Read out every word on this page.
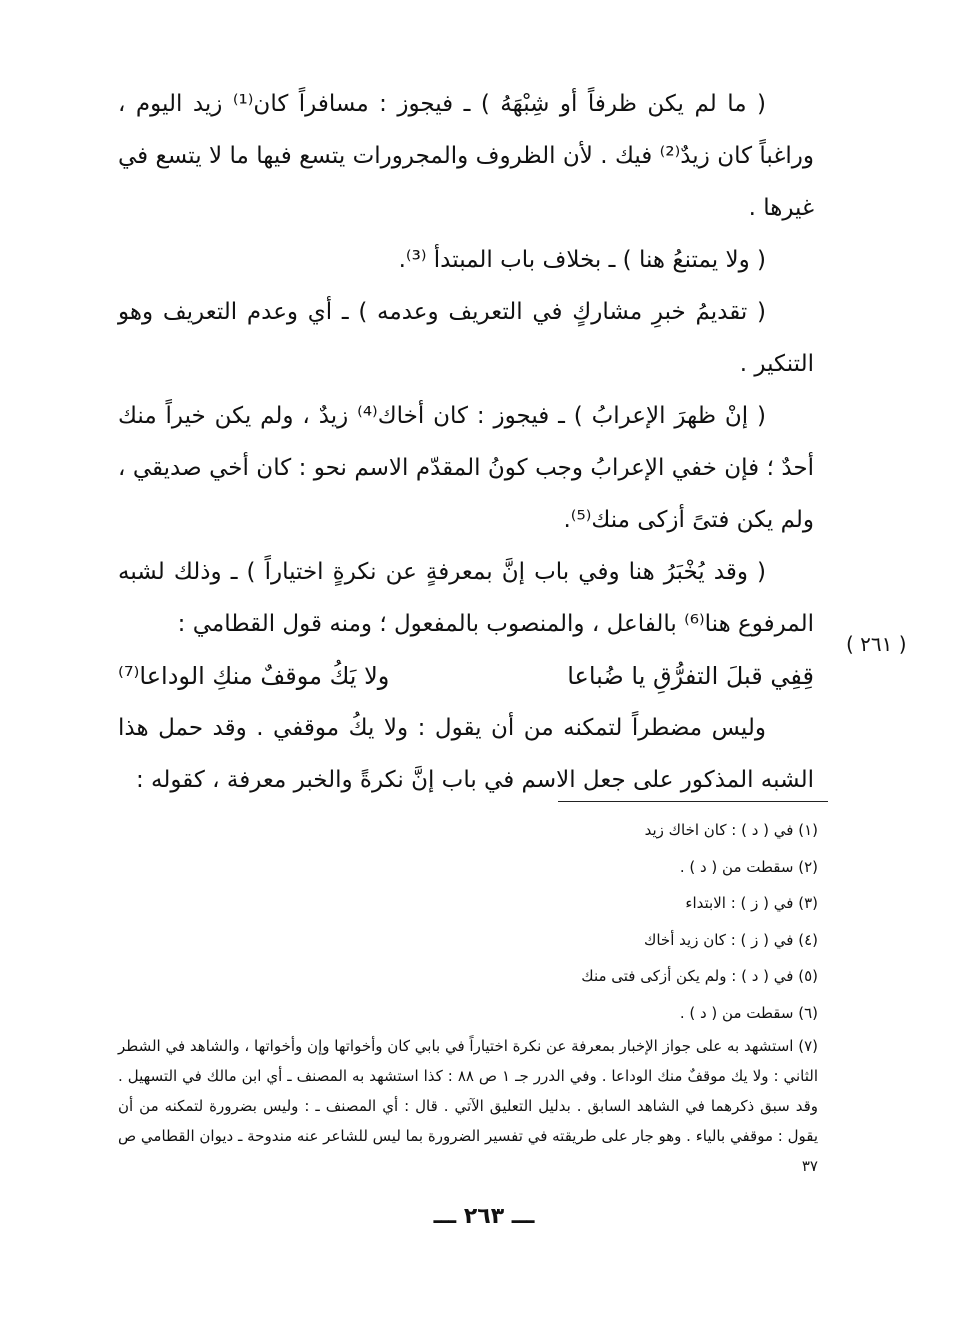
( ما لم يكن ظرفاً أو شِبْهَهُ ) ـ فيجوز : مسافراً كان⁽¹⁾ زيد اليوم ، وراغباً كان زيدٌ⁽²⁾ فيك . لأن الظروف والمجرورات يتسع فيها ما لا يتسع في غيرها .

( ولا يمتنعُ هنا ) ـ بخلاف باب المبتدأ ⁽³⁾.

( تقديمُ خبرِ مشاركٍ في التعريف وعدمه ) ـ أي وعدم التعريف وهو التنكير .

( إنْ ظهرَ الإعرابُ ) ـ فيجوز : كان أخاك⁽⁴⁾ زيدٌ ، ولم يكن خيراً منك أحدٌ ؛ فإن خفي الإعرابُ وجب كونُ المقدّم الاسم نحو : كان أخي صديقي ، ولم يكن فتىً أزكى منك⁽⁵⁾.

( وقد يُخْبَرُ هنا وفي باب إنَّ بمعرفةٍ عن نكرةٍ اختياراً ) ـ وذلك لشبه المرفوع هنا⁽⁶⁾ بالفاعل ، والمنصوب بالمفعول ؛ ومنه قول القطامي :

قِفِي قبلَ التفرُّقِ يا ضُباعا
ولا يَكُ موقفٌ منكِ الوداعا⁽⁷⁾

وليس مضطراً لتمكنه من أن يقول : ولا يكُ موقفي . وقد حمل هذا الشبه المذكور على جعل الاسم في باب إنَّ نكرةً والخبر معرفة ، كقوله :

( ٢٦١ )

(١) في ( د ) : كان اخاك زيد

(٢) سقطت من ( د ) .

(٣) في ( ز ) : الابتداء

(٤) في ( ز ) : كان زيد أخاك

(٥) في ( د ) : ولم يكن أزكى فتى منك

(٦) سقطت من ( د ) .

(٧) استشهد به على جواز الإخبار بمعرفة عن نكرة اختياراً في بابي كان وأخواتها وإن وأخواتها ، والشاهد في الشطر الثاني : ولا يك موقفٌ منك الوداعا . وفي الدرر جـ ١ ص ٨٨ : كذا استشهد به المصنف ـ أي ابن مالك في التسهيل . وقد سبق ذكرهما في الشاهد السابق . بدليل التعليق الآتي . قال : أي المصنف ـ : وليس بضرورة لتمكنه من أن يقول : موقفي بالياء . وهو جار على طريقته في تفسير الضرورة بما ليس للشاعر عنه مندوحة ـ ديوان القطامي ص ٣٧

ـــ ٢٦٣ ـــ
